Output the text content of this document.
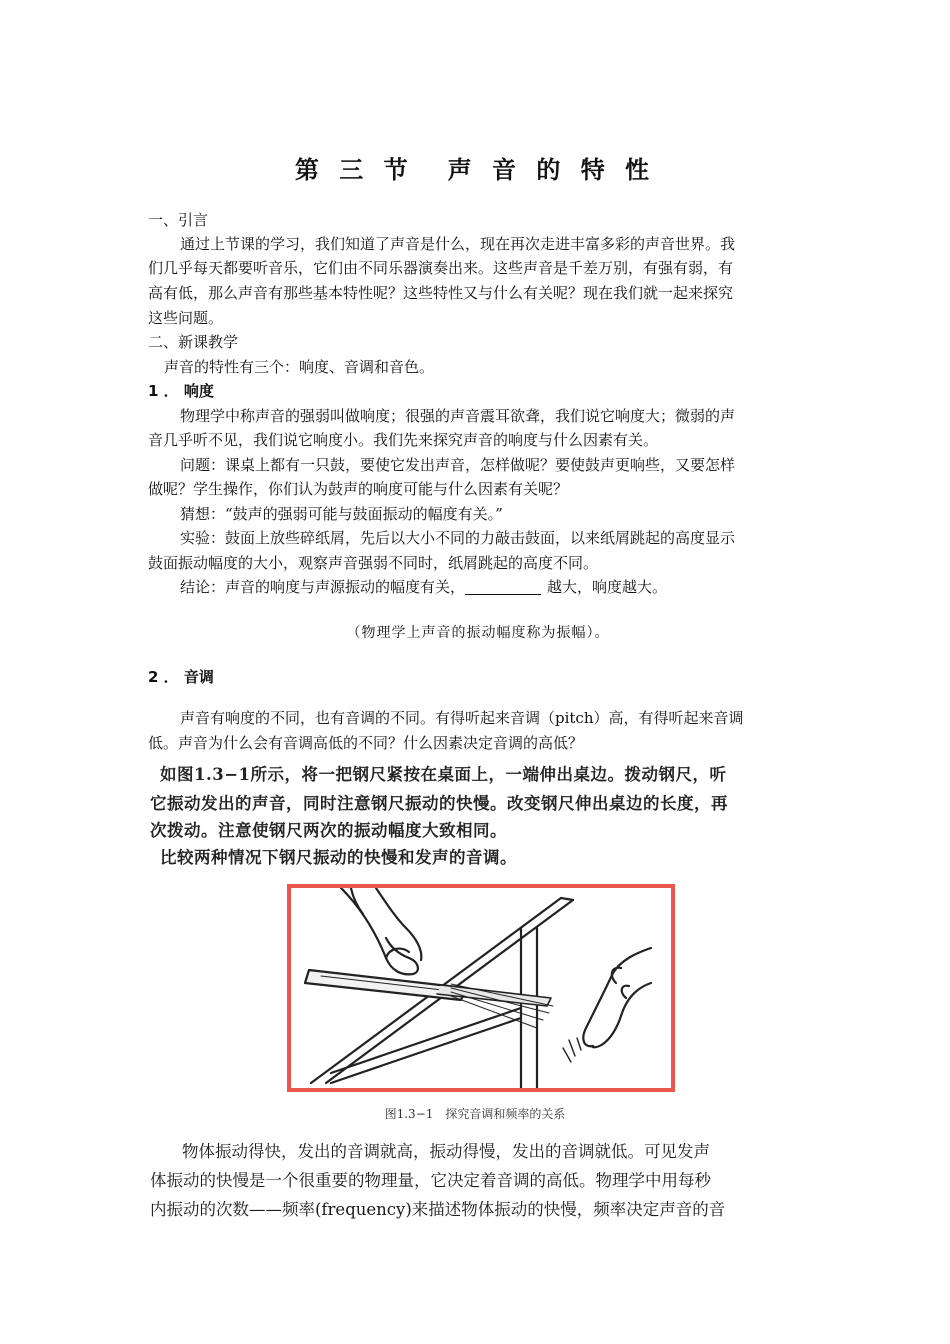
第 三 节 声 音 的 特 性
一、引言
通过上节课的学习，我们知道了声音是什么，现在再次走进丰富多彩的声音世界。我
们几乎每天都要听音乐，它们由不同乐器演奏出来。这些声音是千差万别，有强有弱，有
高有低，那么声音有那些基本特性呢？这些特性又与什么有关呢？现在我们就一起来探究
这些问题。
二、新课教学
声音的特性有三个：响度、音调和音色。
1 ． 响度
物理学中称声音的强弱叫做响度；很强的声音震耳欲聋，我们说它响度大；微弱的声
音几乎听不见，我们说它响度小。我们先来探究声音的响度与什么因素有关。
问题：课桌上都有一只鼓，要使它发出声音，怎样做呢？要使鼓声更响些，又要怎样
做呢？学生操作，你们认为鼓声的响度可能与什么因素有关呢？
猜想：“鼓声的强弱可能与鼓面振动的幅度有关。”
实验：鼓面上放些碎纸屑，先后以大小不同的力敲击鼓面，以来纸屑跳起的高度显示
鼓面振动幅度的大小，观察声音强弱不同时，纸屑跳起的高度不同。
结论：声音的响度与声源振动的幅度有关，	越大，响度越大。
（物理学上声音的振动幅度称为振幅）。
2 ． 音调
声音有响度的不同，也有音调的不同。有得听起来音调（pitch）高，有得听起来音调
低。声音为什么会有音调高低的不同？什么因素决定音调的高低？
如图1.3−1所示，将一把钢尺紧按在桌面上，一端伸出桌边。拨动钢尺，听
它振动发出的声音，同时注意钢尺振动的快慢。改变钢尺伸出桌边的长度，再
次拨动。注意使钢尺两次的振动幅度大致相同。
比较两种情况下钢尺振动的快慢和发声的音调。
图1.3−1　探究音调和频率的关系
物体振动得快，发出的音调就高，振动得慢，发出的音调就低。可见发声
体振动的快慢是一个很重要的物理量，它决定着音调的高低。物理学中用每秒
内振动的次数——频率(frequency)来描述物体振动的快慢，频率决定声音的音
